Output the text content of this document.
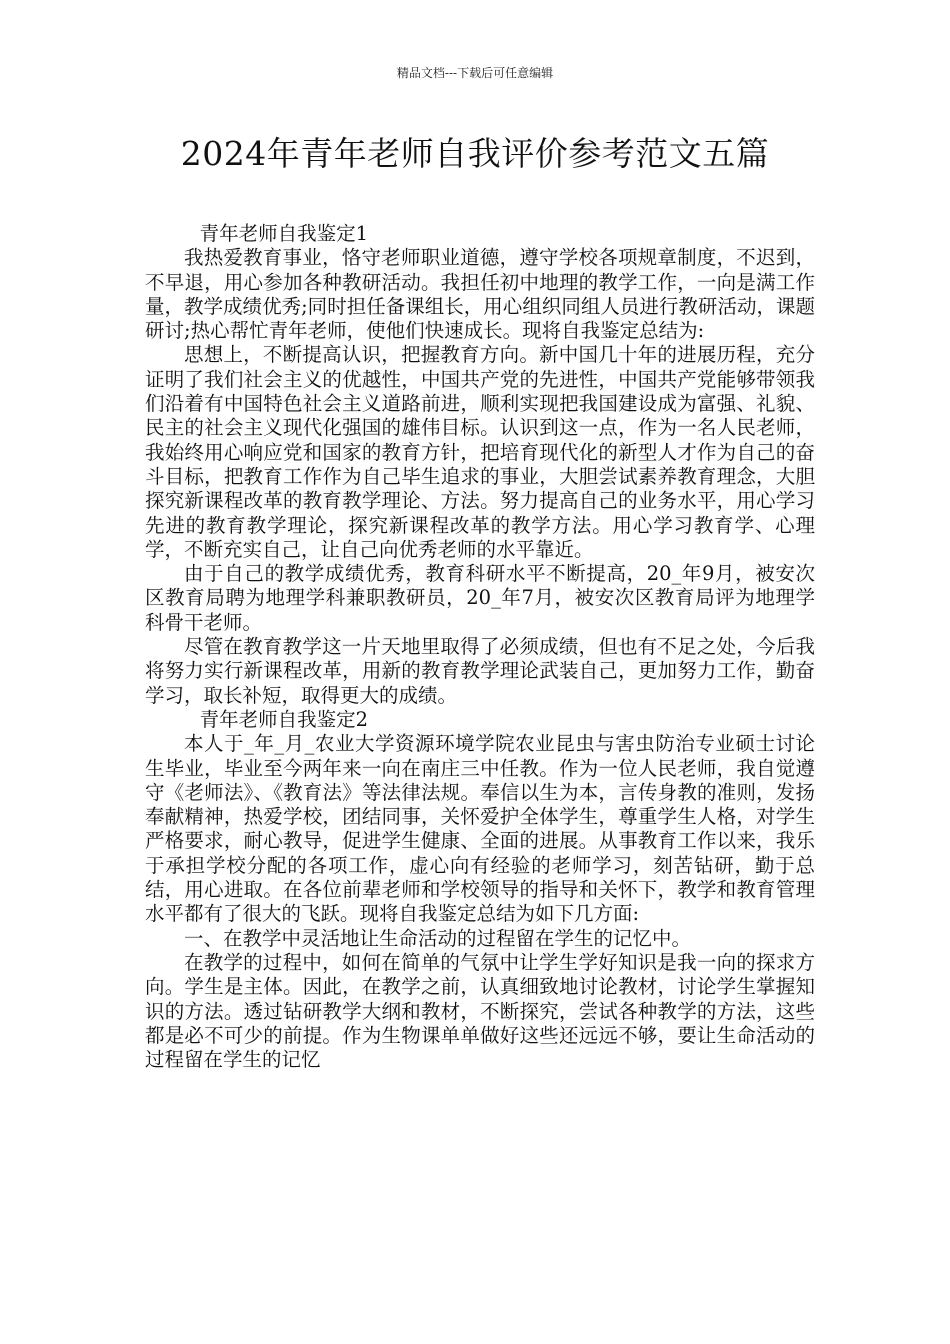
精品文档---下载后可任意编辑
2024年青年老师自我评价参考范文五篇

青年老师自我鉴定1

我热爱教育事业，恪守老师职业道德，遵守学校各项规章制度，不迟到，不早退，用心参加各种教研活动。我担任初中地理的教学工作，一向是满工作量，教学成绩优秀;同时担任备课组长，用心组织同组人员进行教研活动，课题研讨;热心帮忙青年老师，使他们快速成长。现将自我鉴定总结为:

思想上，不断提高认识，把握教育方向。新中国几十年的进展历程，充分证明了我们社会主义的优越性，中国共产党的先进性，中国共产党能够带领我们沿着有中国特色社会主义道路前进，顺利实现把我国建设成为富强、礼貌、民主的社会主义现代化强国的雄伟目标。认识到这一点，作为一名人民老师，我始终用心响应党和国家的教育方针，把培育现代化的新型人才作为自己的奋斗目标，把教育工作作为自己毕生追求的事业，大胆尝试素养教育理念，大胆探究新课程改革的教育教学理论、方法。努力提高自己的业务水平，用心学习先进的教育教学理论，探究新课程改革的教学方法。用心学习教育学、心理学，不断充实自己，让自己向优秀老师的水平靠近。

由于自己的教学成绩优秀，教育科研水平不断提高，20_年9月，被安次区教育局聘为地理学科兼职教研员，20_年7月，被安次区教育局评为地理学科骨干老师。

尽管在教育教学这一片天地里取得了必须成绩，但也有不足之处，今后我将努力实行新课程改革，用新的教育教学理论武装自己，更加努力工作，勤奋学习，取长补短，取得更大的成绩。

青年老师自我鉴定2

本人于_年_月_农业大学资源环境学院农业昆虫与害虫防治专业硕士讨论生毕业，毕业至今两年来一向在南庄三中任教。作为一位人民老师，我自觉遵守《老师法》、《教育法》等法律法规。奉信以生为本，言传身教的准则，发扬奉献精神，热爱学校，团结同事，关怀爱护全体学生，尊重学生人格，对学生严格要求，耐心教导，促进学生健康、全面的进展。从事教育工作以来，我乐于承担学校分配的各项工作，虚心向有经验的老师学习，刻苦钻研，勤于总结，用心进取。在各位前辈老师和学校领导的指导和关怀下，教学和教育管理水平都有了很大的飞跃。现将自我鉴定总结为如下几方面:

一、在教学中灵活地让生命活动的过程留在学生的记忆中。

在教学的过程中，如何在简单的气氛中让学生学好知识是我一向的探求方向。学生是主体。因此，在教学之前，认真细致地讨论教材，讨论学生掌握知识的方法。透过钻研教学大纲和教材，不断探究，尝试各种教学的方法，这些都是必不可少的前提。作为生物课单单做好这些还远远不够，要让生命活动的过程留在学生的记忆
